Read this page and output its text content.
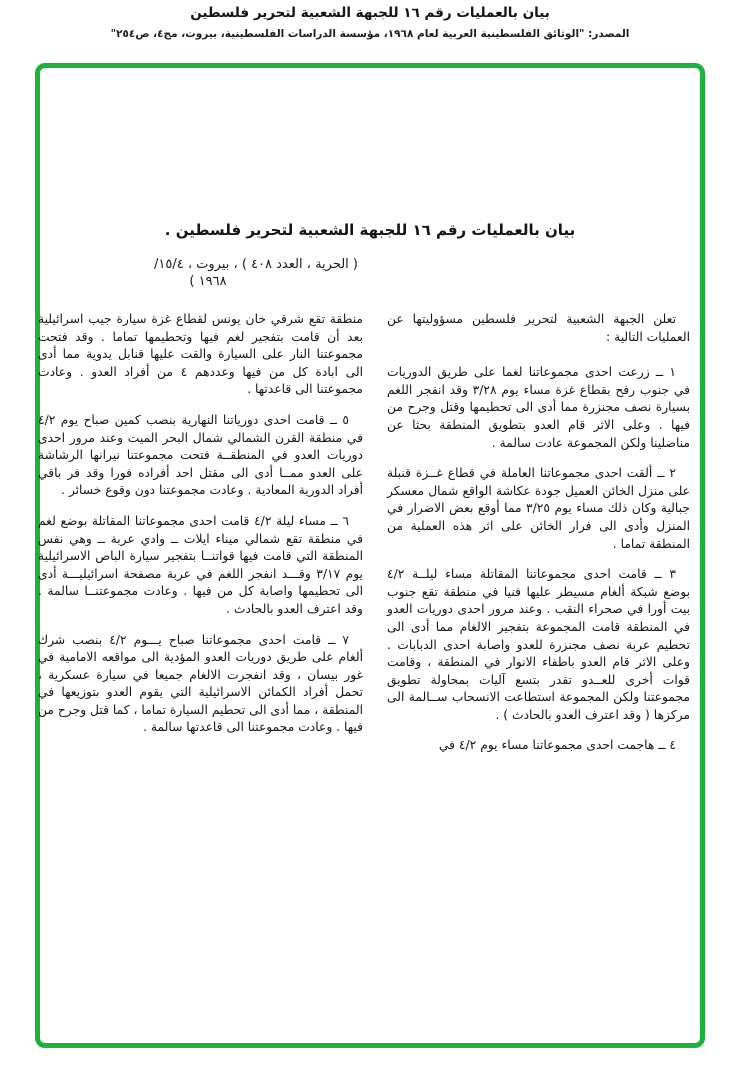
بيان بالعمليات رقم ١٦ للجبهة الشعبية لتحرير فلسطين
المصدر: "الوثائق الفلسطينية العربية لعام ١٩٦٨، مؤسسة الدراسات الفلسطينية، بيروت، مج٤، ص٢٥٤"
بيان بالعمليات رقم ١٦ للجبهة الشعبية لتحرير فلسطين .
( الحرية ، العدد ٤٠٨ ) ، بيروت ، ١٥/٤/
١٩٦٨ )

تعلن الجبهة الشعبية لتحرير فلسطين مسؤوليتها عن العمليات التالية :

١ ــ زرعت احدى مجموعاتنا لغما على طريق الدوريات في جنوب رفح بقطاع غزة مساء يوم ٣/٢٨ وقد انفجر اللغم بسيارة نصف مجنزرة مما أدى الى تحطيمها وقتل وجرح من فيها . وعلى الاثر قام العدو بتطويق المنطقة بحثا عن مناضلينا ولكن المجموعة عادت سالمة .

٢ ــ ألقت احدى مجموعاتنا العاملة في قطاع غــزة قنبلة على منزل الخائن العميل جودة عكاشة الواقع شمال معسكر جبالية وكان ذلك مساء يوم ٣/٢٥ مما أوقع بعض الاضرار في المنزل وأدى الى فرار الخائن على اثر هذه العملية من المنطقة تماما .

٣ ــ قامت احدى مجموعاتنا المقاتلة مساء ليلــة ٤/٢ بوضع شبكة ألغام مسيطر عليها فنيا في منطقة تقع جنوب بيت أورا في صحراء النقب . وعند مرور احدى دوريات العدو في المنطقة قامت المجموعة بتفجير الالغام مما أدى الى تحطيم عربة نصف مجنزرة للعدو واصابة احدى الدبابات . وعلى الاثر قام العدو باطفاء الانوار في المنطقة ، وقامت قوات أخرى للعــدو تقدر بتسع آليات بمحاولة تطويق مجموعتنا ولكن المجموعة استطاعت الانسحاب ســالمة الى مركزها ( وقد اعترف العدو بالحادث ) .

٤ ــ هاجمت احدى مجموعاتنا مساء يوم ٤/٢ في

منطقة تقع شرقي خان يونس لقطاع غزة سيارة جيب اسرائيلية بعد أن قامت بتفجير لغم فيها وتحطيمها تماما . وقد فتحت مجموعتنا النار على السيارة والقت عليها قنابل يدوية مما أدى الى ابادة كل من فيها وعددهم ٤ من أفراد العدو . وعادت مجموعتنا الى قاعدتها .

٥ ــ قامت احدى دورياتنا النهارية بنصب كمين صباح يوم ٤/٢ في منطقة القرن الشمالي شمال البحر الميت وعند مرور احدى دوريات العدو في المنطقــة فتحت مجموعتنا نيرانها الرشاشة على العدو ممــا أدى الى مقتل احد أفراده فورا وقد فر باقي أفراد الدورية المعادية . وعادت مجموعتنا دون وقوع خسائر .

٦ ــ مساء ليلة ٤/٢ قامت احدى مجموعاتنا المقاتلة بوضع لغم في منطقة تقع شمالي ميناء ايلات ــ وادي عربة ــ وهي نفس المنطقة التي قامت فيها قواتنــا بتفجير سيارة الباص الاسرائيلية يوم ٣/١٧ وقـــد انفجر اللغم في عربة مصفحة اسرائيليـــة أدى الى تحطيمها واصابة كل من فيها . وعادت مجموعتنــا سالمة . وقد اعترف العدو بالحادث .

٧ ــ قامت احدى مجموعاتنا صباح يـــوم ٤/٢ بنصب شرك ألغام على طريق دوريات العدو المؤدية الى مواقعه الامامية في غور بيسان ، وقد انفجرت الالغام جميعا في سيارة عسكرية ، تحمل أفراد الكمائن الاسرائيلية التي يقوم العدو بتوزيعها في المنطقة ، مما أدى الى تحطيم السيارة تماما ، كما قتل وجرح من فيها . وعادت مجموعتنا الى قاعدتها سالمة .
